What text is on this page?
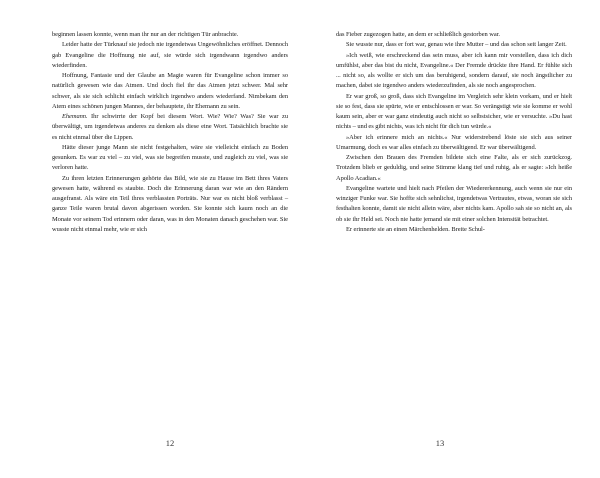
beginnen lassen konnte, wenn man ihr nur an der richtigen Tür anbrachte.

Leider hatte der Türknauf sie jedoch nie irgendetwas Ungewöhnliches eröffnet. Dennoch gab Evangeline die Hoffnung nie auf, sie würde sich irgendwann irgendwo anders wiederfinden.

Hoffnung, Fantasie und der Glaube an Magie waren für Evangeline schon immer so natürlich gewesen wie das Atmen. Und doch fiel ihr das Atmen jetzt schwer. Mal sehr schwer, als sie sich schlicht einfach wirklich irgendwo anders wiederfand. Nimbekam den Atem eines schönen jungen Mannes, der behauptete, ihr Ehemann zu sein.

Ehemann. Ihr schwirrte der Kopf bei diesem Wort. Wie? Wie? Was? Sie war zu überwältigt, um irgendetwas anderes zu denken als diese eine Wort. Tatsächlich brachte sie es nicht einmal über die Lippen.

Hätte dieser junge Mann sie nicht festgehalten, wäre sie vielleicht einfach zu Boden gesunken. Es war zu viel – zu viel, was sie begreifen musste, und zugleich zu viel, was sie verloren hatte.

Zu ihren letzten Erinnerungen gehörte das Bild, wie sie zu Hause im Bett ihres Vaters gewesen hatte, während es staubte. Doch die Erinnerung daran war wie an den Rändern ausgefranst. Als wäre ein Teil ihres verblassten Porträts. Nur war es nicht bloß verblasst – ganze Teile waren brutal davon abgerissen worden. Sie konnte sich kaum noch an die Monate vor seinem Tod erinnern oder daran, was in den Monaten danach geschehen war. Sie wusste nicht einmal mehr, wie er sich

12

das Fieber zugezogen hatte, an dem er schließlich gestorben war.

Sie wusste nur, dass er fort war, genau wie ihre Mutter – und das schon seit langer Zeit.

»Ich weiß, wie erschreckend das sein muss, aber ich kann mir vorstellen, dass ich dich umfühlst, aber das bist du nicht, Evangeline.« Der Fremde drückte ihre Hand. Er fühlte sich ... nicht so, als wollte er sich um das beruhigend, sondern darauf, sie noch ängstlicher zu machen, dabei sie irgendwo anders wiederzufinden, als sie noch angesprochen.

Er war groß, so groß, dass sich Evangeline im Vergleich sehr klein vorkam, und er hielt sie so fest, dass sie spürte, wie er entschlossen er war. So verängstigt wie sie komme er wohl kaum sein, aber er war ganz eindeutig auch nicht so selbstsicher, wie er versuchte. »Du hast nichts – und es gibt nichts, was ich nicht für dich tun würde.«

»Aber ich erinnere mich an nichts.« Nur widerstrebend löste sie sich aus seiner Umarmung, doch es war alles einfach zu überwältigend. Er war überwältigend.

Zwischen den Brauen des Fremden bildete sich eine Falte, als er sich zurückzog. Trotzdem blieb er geduldig, und seine Stimme klang tief und ruhig, als er sagte: »Ich heiße Apollo Acadian.«

Evangeline wartete und hielt nach Pfeilen der Wiedererkennung, auch wenn sie nur ein winziger Funke war. Sie hoffte sich sehnlichst, irgendetwas Vertrautes, etwas, woran sie sich festhalten konnte, damit sie nicht allein wäre, aber nichts kam. Apollo sah sie so nicht an, als ob sie ihr Held sei. Noch nie hatte jemand sie mit einer solchen Intensität betrachtet.

Er erinnerte sie an einen Märchenhelden. Breite Schul-

13
